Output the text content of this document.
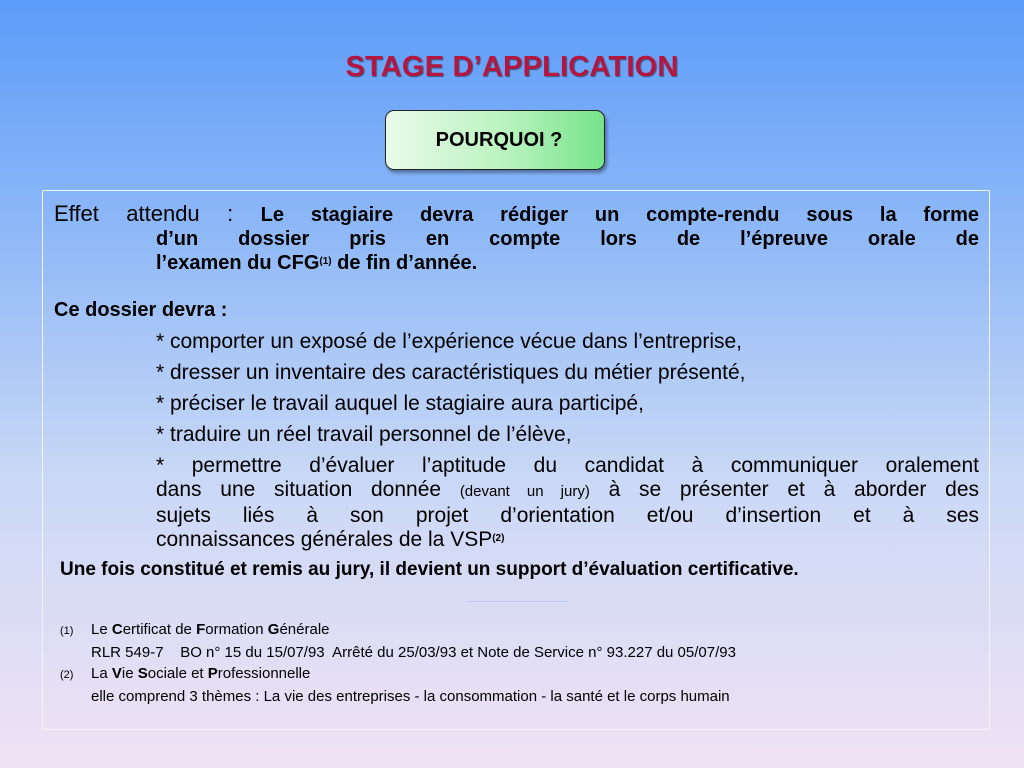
STAGE D’APPLICATION
POURQUOI ?
Effet attendu : Le stagiaire devra rédiger un compte-rendu sous la forme
d’un dossier pris en compte lors de l’épreuve orale de
l’examen du CFG$^{(1)}$ de fin d’année.
Ce dossier devra :
* comporter un exposé de l’expérience vécue dans l’entreprise,
* dresser un inventaire des caractéristiques du métier présenté,
* préciser le travail auquel le stagiaire aura participé,
* traduire un réel travail personnel de l’élève,
* permettre d’évaluer l’aptitude du candidat à communiquer oralement
dans une situation donnée (devant un jury) à se présenter et à aborder des
sujets liés à son projet d’orientation et/ou d’insertion et à ses
connaissances générales de la VSP$^{(2)}$
Une fois constitué et remis au jury, il devient un support d’évaluation certificative.
(1) Le Certificat de Formation Générale
RLR 549-7    BO n° 15 du 15/07/93  Arrêté du 25/03/93 et Note de Service n° 93.227 du 05/07/93
(2) La Vie Sociale et Professionnelle
elle comprend 3 thèmes : La vie des entreprises - la consommation - la santé et le corps humain
